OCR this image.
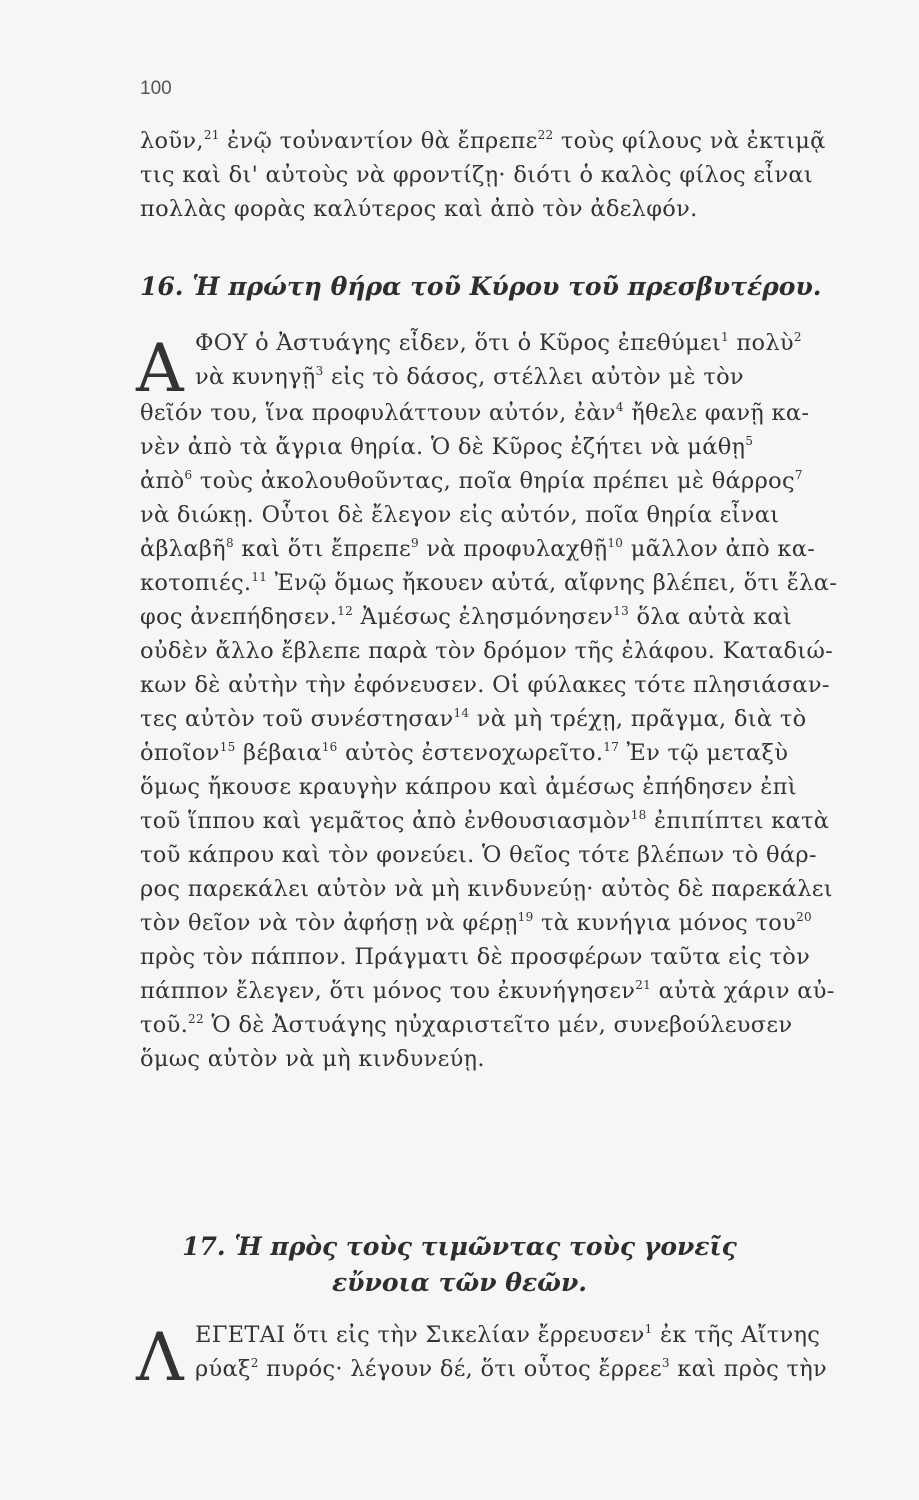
100
λοῦν,$^{21}$ ἐνῷ τοὐναντίον θὰ ἔπρεπε$^{22}$ τοὺς φίλους νὰ ἐκτιμᾷ
τις καὶ δι' αὐτοὺς νὰ φροντίζῃ· διότι ὁ καλὸς φίλος εἶναι
πολλὰς φορὰς καλύτερος καὶ ἀπὸ τὸν ἀδελφόν.
16. Ἡ πρώτη θήρα τοῦ Κύρου τοῦ πρεσβυτέρου.
Α ΦΟΥ ὁ Ἀστυάγης εἶδεν, ὅτι ὁ Κῦρος ἐπεθύμει$^1$ πολὺ$^2$
νὰ κυνηγῇ$^3$ εἰς τὸ δάσος, στέλλει αὐτὸν μὲ τὸν
θεῖόν του, ἵνα προφυλάττουν αὐτόν, ἐὰν$^4$ ἤθελε φανῇ κα-
νὲν ἀπὸ τὰ ἄγρια θηρία. Ὁ δὲ Κῦρος ἐζήτει νὰ μάθῃ$^5$
ἀπὸ$^6$ τοὺς ἀκολουθοῦντας, ποῖα θηρία πρέπει μὲ θάρρος$^7$
νὰ διώκῃ. Οὗτοι δὲ ἔλεγον εἰς αὐτόν, ποῖα θηρία εἶναι
ἀβλαβῆ$^8$ καὶ ὅτι ἔπρεπε$^9$ νὰ προφυλαχθῇ$^{10}$ μᾶλλον ἀπὸ κα-
κοτοπιές.$^{11}$ Ἐνῷ ὅμως ἤκουεν αὐτά, αἴφνης βλέπει, ὅτι ἔλα-
φος ἀνεπήδησεν.$^{12}$ Ἀμέσως ἐλησμόνησεν$^{13}$ ὅλα αὐτὰ καὶ
οὐδὲν ἄλλο ἔβλεπε παρὰ τὸν δρόμον τῆς ἐλάφου. Καταδιώ-
κων δὲ αὐτὴν τὴν ἐφόνευσεν. Οἱ φύλακες τότε πλησιάσαν-
τες αὐτὸν τοῦ συνέστησαν$^{14}$ νὰ μὴ τρέχῃ, πρᾶγμα, διὰ τὸ
ὁποῖον$^{15}$ βέβαια$^{16}$ αὐτὸς ἐστενοχωρεῖτο.$^{17}$ Ἐν τῷ μεταξὺ
ὅμως ἤκουσε κραυγὴν κάπρου καὶ ἀμέσως ἐπήδησεν ἐπὶ
τοῦ ἵππου καὶ γεμᾶτος ἀπὸ ἐνθουσιασμὸν$^{18}$ ἐπιπίπτει κατὰ
τοῦ κάπρου καὶ τὸν φονεύει. Ὁ θεῖος τότε βλέπων τὸ θάρ-
ρος παρεκάλει αὐτὸν νὰ μὴ κινδυνεύῃ· αὐτὸς δὲ παρεκάλει
τὸν θεῖον νὰ τὸν ἀφήσῃ νὰ φέρῃ$^{19}$ τὰ κυνήγια μόνος του$^{20}$
πρὸς τὸν πάππον. Πράγματι δὲ προσφέρων ταῦτα εἰς τὸν
πάππον ἔλεγεν, ὅτι μόνος του ἐκυνήγησεν$^{21}$ αὐτὰ χάριν αὐ-
τοῦ.$^{22}$ Ὁ δὲ Ἀστυάγης ηὐχαριστεῖτο μέν, συνεβούλευσεν
ὅμως αὐτὸν νὰ μὴ κινδυνεύῃ.
17. Ἡ πρὸς τοὺς τιμῶντας τοὺς γονεῖς
εὔνοια τῶν θεῶν.
Λ ΕΓΕΤΑΙ ὅτι εἰς τὴν Σικελίαν ἔρρευσεν$^1$ ἐκ τῆς Αἴτνης
ρύαξ$^2$ πυρός· λέγουν δέ, ὅτι οὗτος ἔρρεε$^3$ καὶ πρὸς τὴν
